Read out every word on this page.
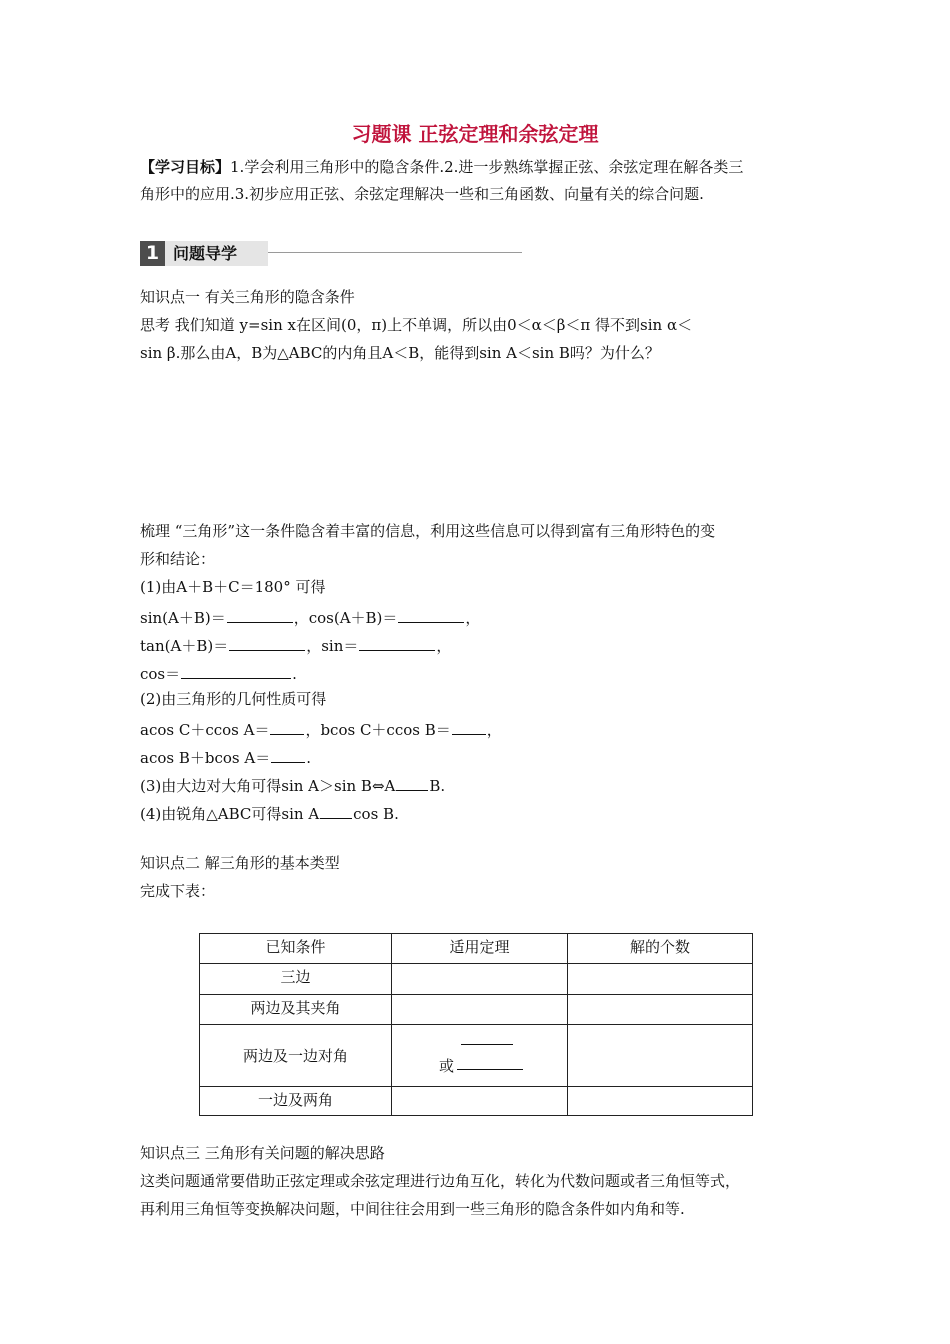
习题课 正弦定理和余弦定理
【学习目标】1.学会利用三角形中的隐含条件.2.进一步熟练掌握正弦、余弦定理在解各类三
角形中的应用.3.初步应用正弦、余弦定理解决一些和三角函数、向量有关的综合问题.
1 问题导学
知识点一 有关三角形的隐含条件
思考 我们知道 y=sin x在区间(0，π)上不单调，所以由0＜α＜β＜π 得不到sin α＜
sin β.那么由A，B为△ABC的内角且A＜B，能得到sin A＜sin B吗？为什么？
梳理 “三角形”这一条件隐含着丰富的信息，利用这些信息可以得到富有三角形特色的变
形和结论：
(1)由A＋B＋C＝180° 可得
sin(A＋B)＝	，cos(A＋B)＝	，
tan(A＋B)＝	，sin＝	，
cos＝	.
(2)由三角形的几何性质可得
acos C＋ccos A＝ ，bcos C＋ccos B＝ ，
acos B＋bcos A＝ .
(3)由大边对大角可得sin A＞sin B⇔A B.
(4)由锐角△ABC可得sin A cos B.
知识点二 解三角形的基本类型
完成下表：
已知条件	适用定理	解的个数
三边		
两边及其夹角		
两边及一边对角	或	

一边及两角		
知识点三 三角形有关问题的解决思路
这类问题通常要借助正弦定理或余弦定理进行边角互化，转化为代数问题或者三角恒等式，
再利用三角恒等变换解决问题，中间往往会用到一些三角形的隐含条件如内角和等.
